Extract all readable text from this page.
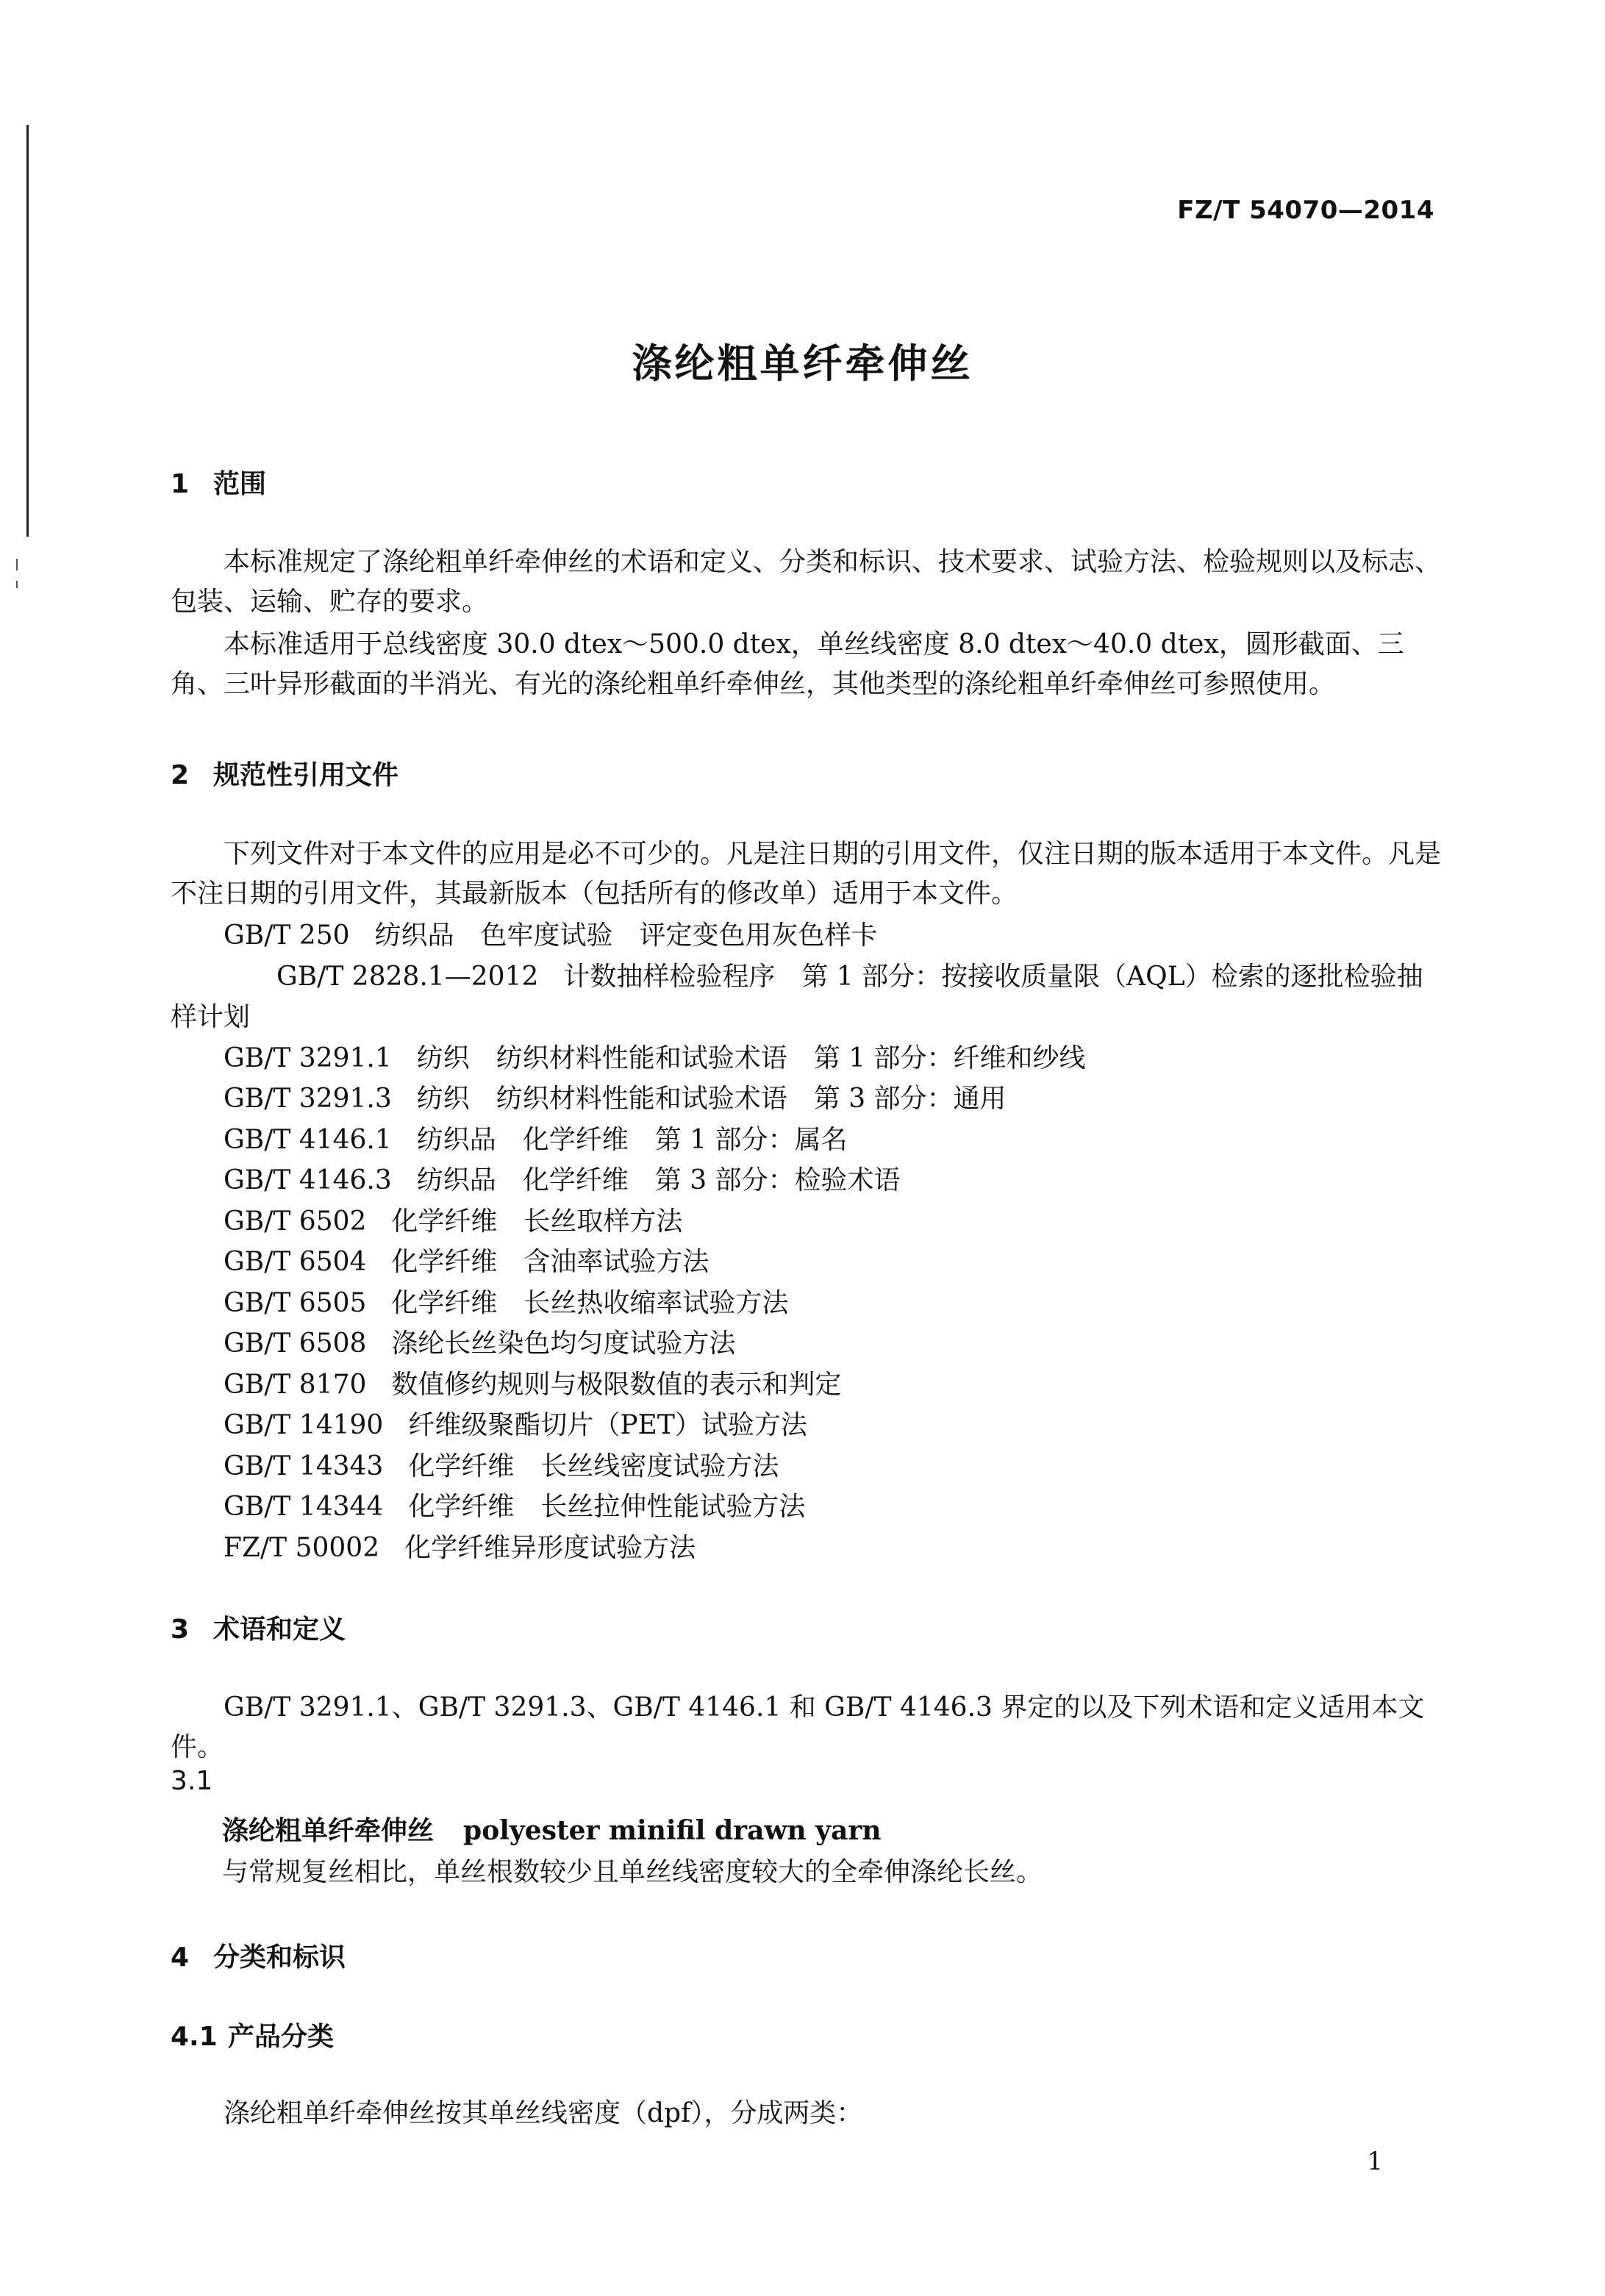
FZ/T 54070—2014
涤纶粗单纤牵伸丝
1 范围

本标准规定了涤纶粗单纤牵伸丝的术语和定义、分类和标识、技术要求、试验方法、检验规则以及标志、包装、运输、贮存的要求。

本标准适用于总线密度 30.0 dtex～500.0 dtex，单丝线密度 8.0 dtex～40.0 dtex，圆形截面、三角、三叶异形截面的半消光、有光的涤纶粗单纤牵伸丝，其他类型的涤纶粗单纤牵伸丝可参照使用。

2 规范性引用文件

下列文件对于本文件的应用是必不可少的。凡是注日期的引用文件，仅注日期的版本适用于本文件。凡是不注日期的引用文件，其最新版本（包括所有的修改单）适用于本文件。

GB/T 250 纺织品　色牢度试验　评定变色用灰色样卡
GB/T 2828.1—2012 计数抽样检验程序　第 1 部分：按接收质量限（AQL）检索的逐批检验抽样计划
GB/T 3291.1 纺织　纺织材料性能和试验术语　第 1 部分：纤维和纱线
GB/T 3291.3 纺织　纺织材料性能和试验术语　第 3 部分：通用
GB/T 4146.1 纺织品　化学纤维　第 1 部分：属名
GB/T 4146.3 纺织品　化学纤维　第 3 部分：检验术语
GB/T 6502 化学纤维　长丝取样方法
GB/T 6504 化学纤维　含油率试验方法
GB/T 6505 化学纤维　长丝热收缩率试验方法
GB/T 6508 涤纶长丝染色均匀度试验方法
GB/T 8170 数值修约规则与极限数值的表示和判定
GB/T 14190 纤维级聚酯切片（PET）试验方法
GB/T 14343 化学纤维　长丝线密度试验方法
GB/T 14344 化学纤维　长丝拉伸性能试验方法
FZ/T 50002 化学纤维异形度试验方法
3 术语和定义

GB/T 3291.1、GB/T 3291.3、GB/T 4146.1 和 GB/T 4146.3 界定的以及下列术语和定义适用本文件。

3.1
涤纶粗单纤牵伸丝 polyester minifil drawn yarn
与常规复丝相比，单丝根数较少且单丝线密度较大的全牵伸涤纶长丝。
4 分类和标识
4.1 产品分类

涤纶粗单纤牵伸丝按其单丝线密度（dpf），分成两类：

1
